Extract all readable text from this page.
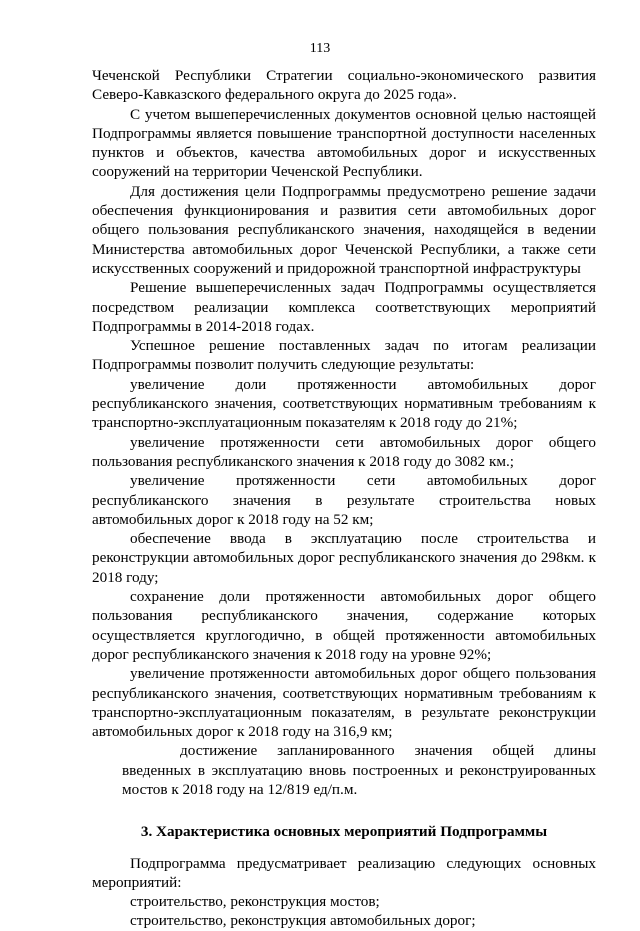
113

Чеченской Республики Стратегии социально-экономического развития Северо-Кавказского федерального округа до 2025 года».

С учетом вышеперечисленных документов основной целью настоящей Подпрограммы является повышение транспортной доступности населенных пунктов и объектов, качества автомобильных дорог и искусственных сооружений на территории Чеченской Республики.

Для достижения цели Подпрограммы предусмотрено решение задачи обеспечения функционирования и развития сети автомобильных дорог общего пользования республиканского значения, находящейся в ведении Министерства автомобильных дорог Чеченской Республики, а также сети искусственных сооружений и придорожной транспортной инфраструктуры

Решение вышеперечисленных задач Подпрограммы осуществляется посредством реализации комплекса соответствующих мероприятий Подпрограммы в 2014-2018 годах.

Успешное решение поставленных задач по итогам реализации Подпрограммы позволит получить следующие результаты:

увеличение доли протяженности автомобильных дорог республиканского значения, соответствующих нормативным требованиям к транспортно-эксплуатационным показателям к 2018 году до 21%;

увеличение протяженности сети автомобильных дорог общего пользования республиканского значения к 2018 году до 3082 км.;

увеличение протяженности сети автомобильных дорог республиканского значения в результате строительства новых автомобильных дорог к 2018 году на 52 км;

обеспечение ввода в эксплуатацию после строительства и реконструкции автомобильных дорог республиканского значения до 298км. к 2018 году;

сохранение доли протяженности автомобильных дорог общего пользования республиканского значения, содержание которых осуществляется круглогодично, в общей протяженности автомобильных дорог республиканского значения к 2018 году на уровне 92%;

увеличение протяженности автомобильных дорог общего пользования республиканского значения, соответствующих нормативным требованиям к транспортно-эксплуатационным показателям, в результате реконструкции автомобильных дорог к 2018 году на 316,9 км;

достижение запланированного значения общей длины введенных в эксплуатацию вновь построенных и реконструированных мостов к 2018 году на 12/819 ед/п.м.

3. Характеристика основных мероприятий Подпрограммы

Подпрограмма предусматривает реализацию следующих основных мероприятий:

строительство, реконструкция мостов;

строительство, реконструкция автомобильных дорог;
